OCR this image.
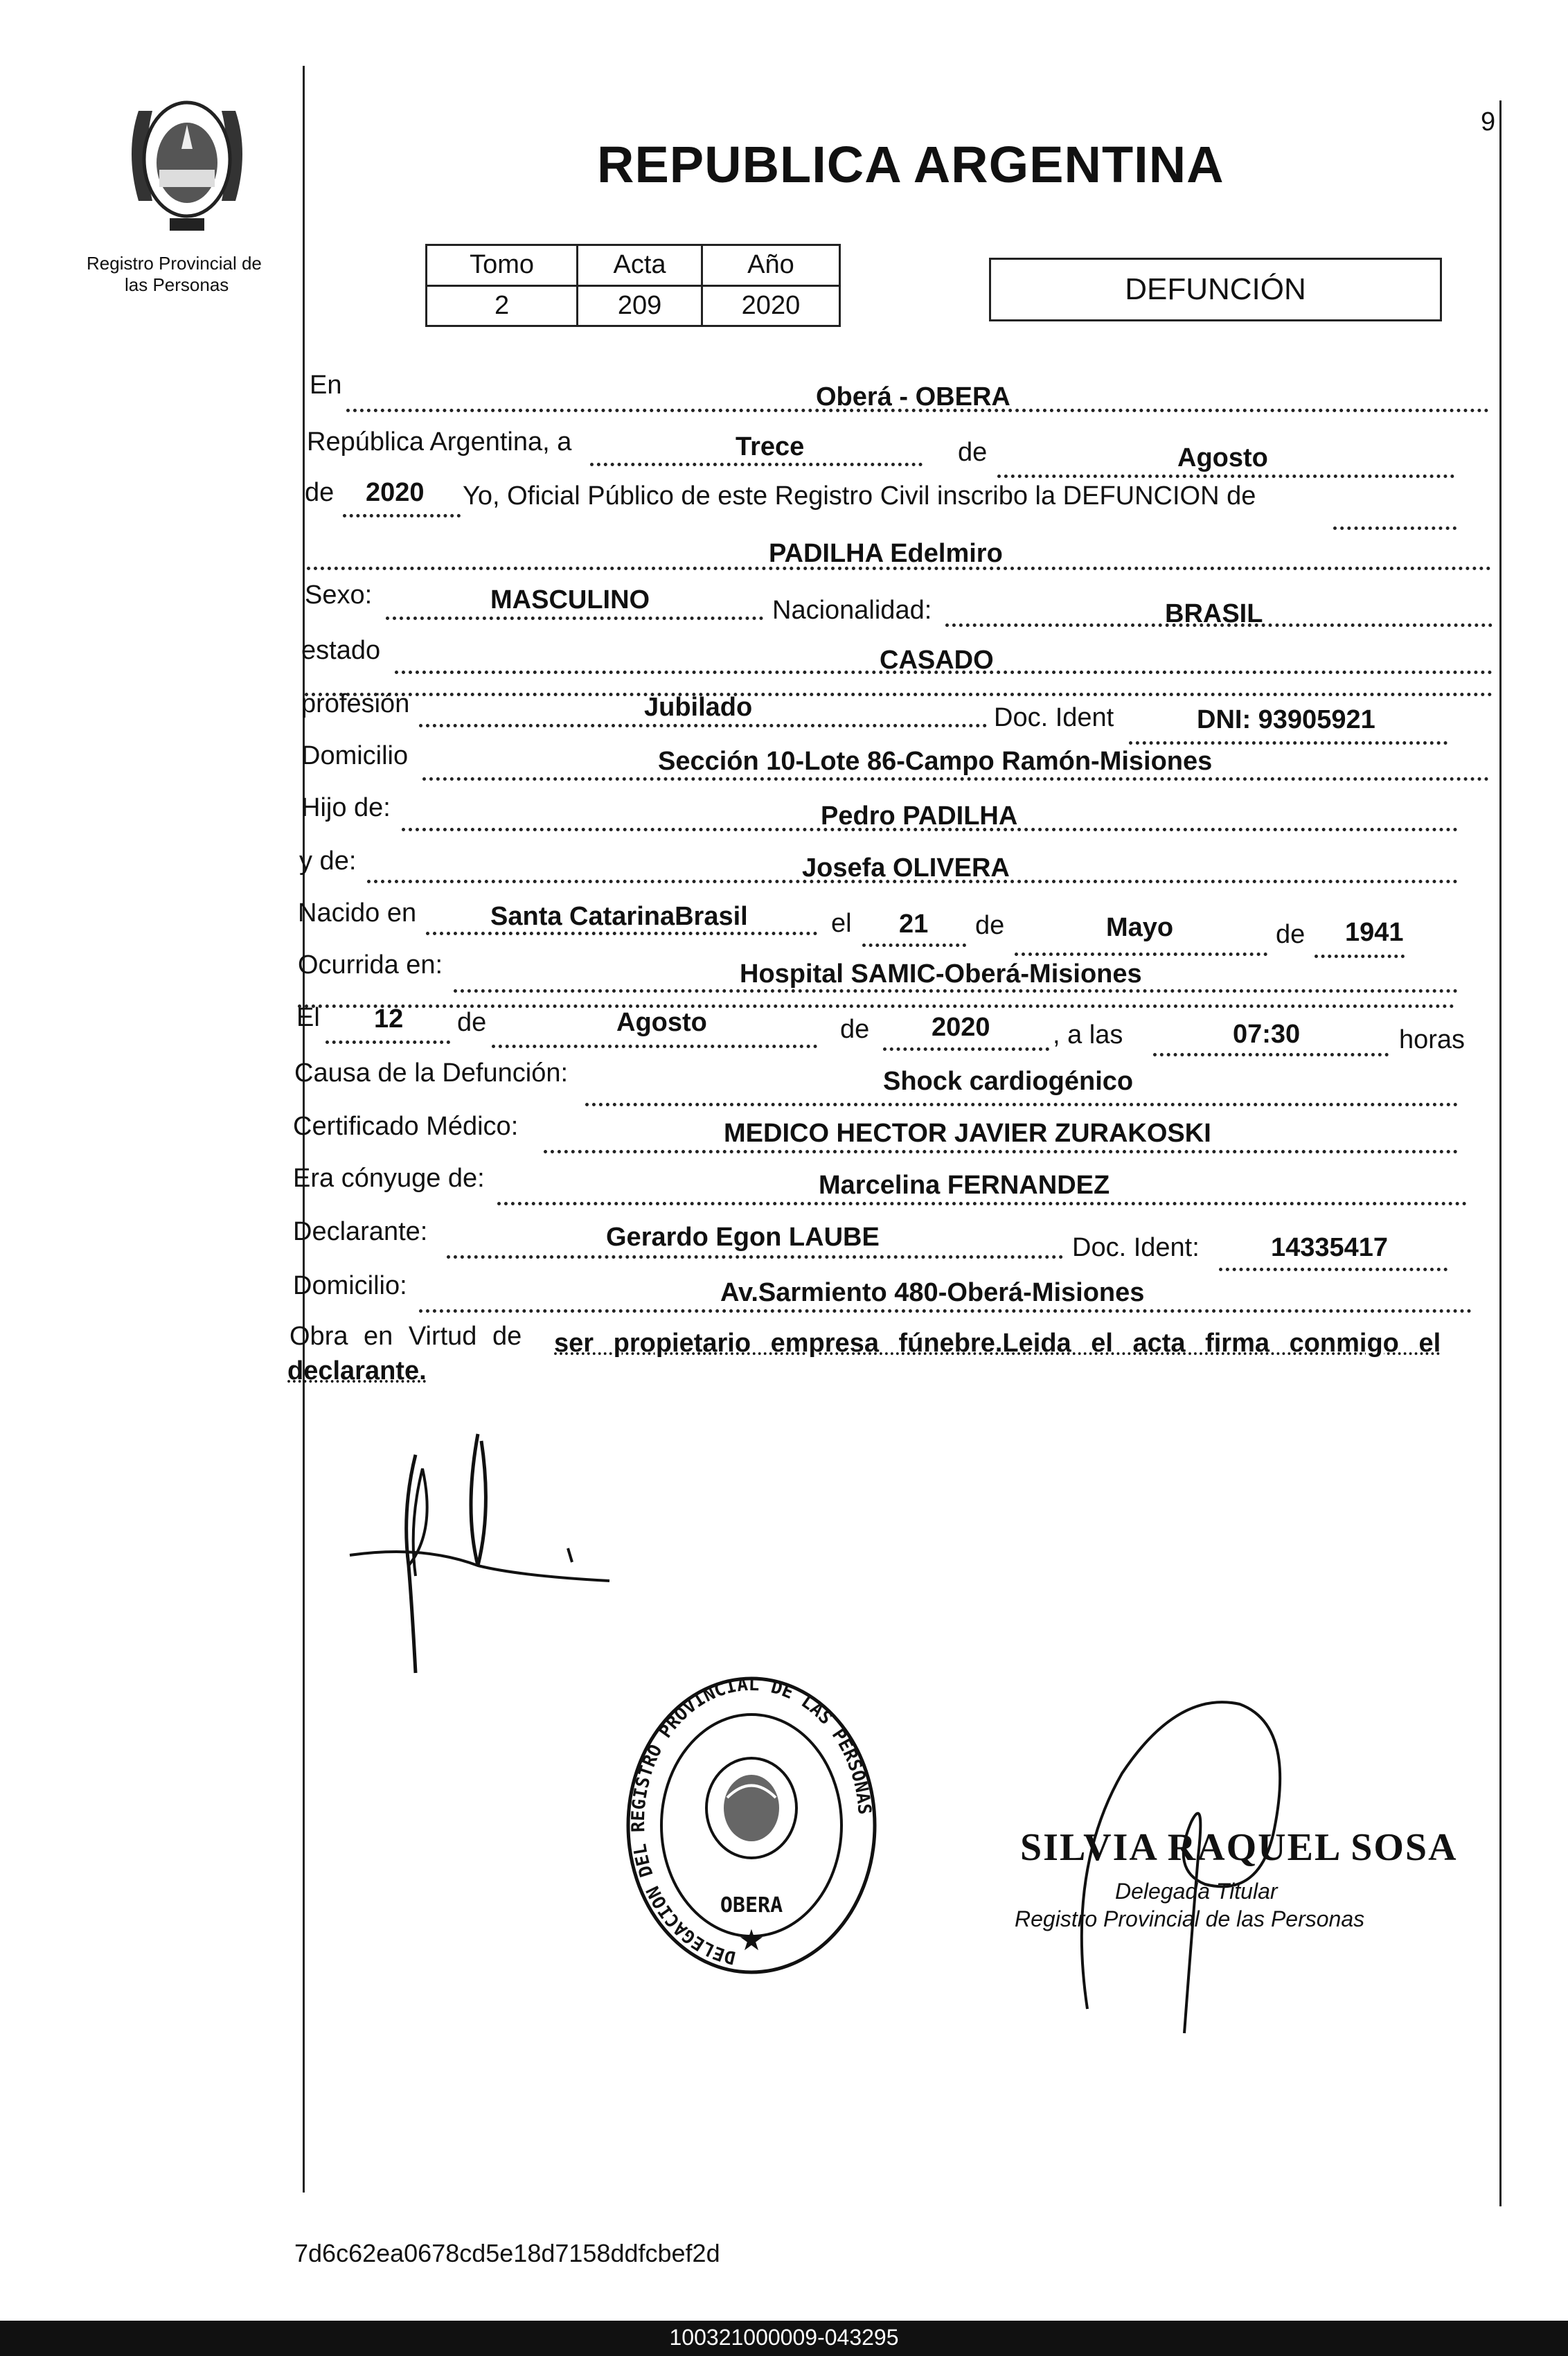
Registro Provincial de
las Personas
REPUBLICA ARGENTINA
9
Tomo	Acta	Año
2	209	2020	DEFUNCIÓN
En	Oberá - OBERA
República Argentina, a	Trece	de	Agosto
de 2020 Yo, Oficial Público de este Registro Civil inscribo la DEFUNCION de
PADILHA Edelmiro
Sexo:	MASCULINO	Nacionalidad:	BRASIL
estado	CASADO
profesión	Jubilado	Doc. Ident	DNI: 93905921
Domicilio	Sección 10-Lote 86-Campo Ramón-Misiones
Hijo de:	Pedro PADILHA
y de:	Josefa OLIVERA
Nacido en	Santa CatarinaBrasil	el 21 de	Mayo	de 1941
Ocurrida en:	Hospital SAMIC-Oberá-Misiones
El 12 de	Agosto	de 2020 , a las	07:30	horas
Causa de la Defunción:	Shock cardiogénico
Certificado Médico:	MEDICO HECTOR JAVIER ZURAKOSKI
Era cónyuge de:	Marcelina FERNANDEZ
Declarante:	Gerardo Egon LAUBE	Doc. Ident:	14335417
Domicilio:	Av.Sarmiento 480-Oberá-Misiones
Obra en Virtud de ser propietario empresa fúnebre.Leida el acta firma conmigo el
declarante.
DELEGACION DEL REGISTRO PROVINCIAL DE LAS PERSONAS
OBERA
★
SILVIA RAQUEL SOSA
Delegada Titular
Registro Provincial de las Personas
7d6c62ea0678cd5e18d7158ddfcbef2d
100321000009-043295
